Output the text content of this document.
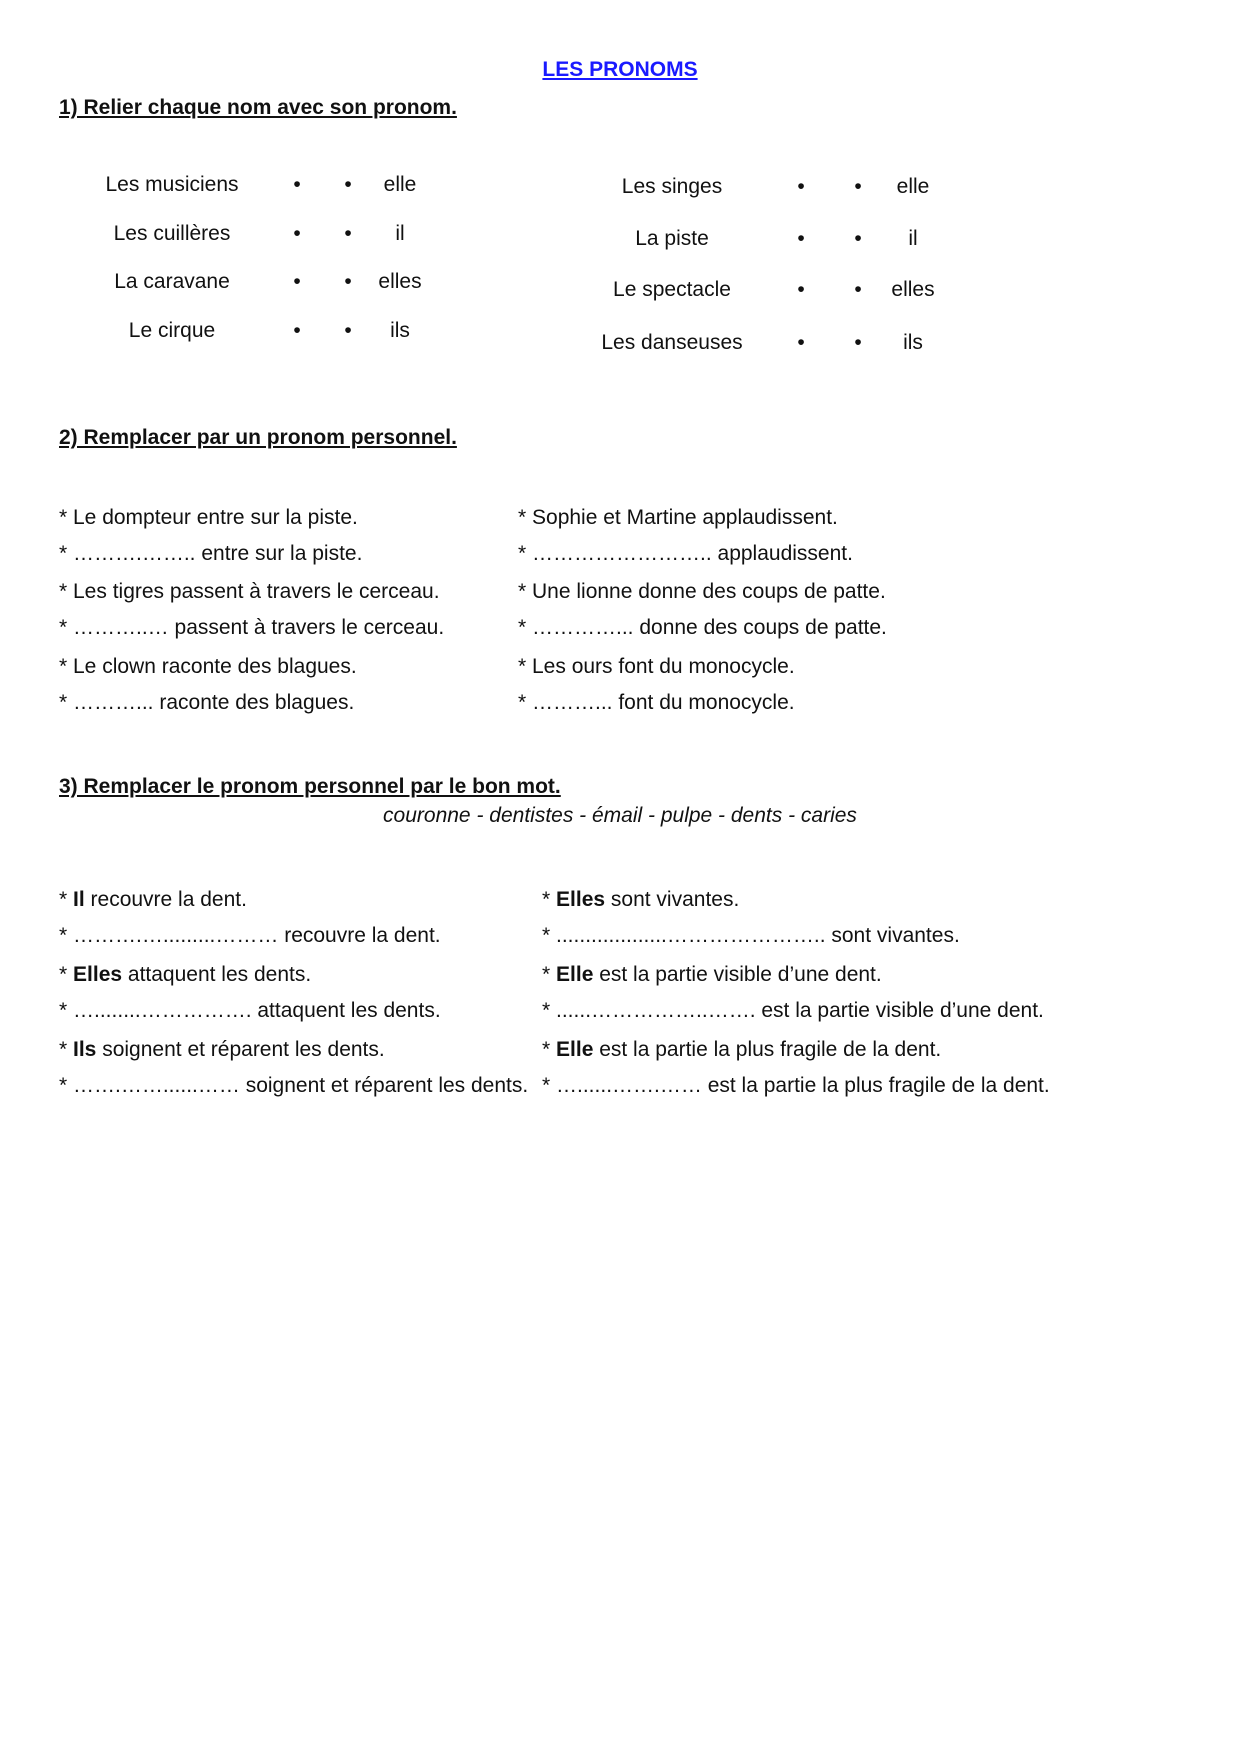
LES PRONOMS
1) Relier chaque nom avec son pronom.
Les musiciens	• •	elle
Les cuillères	• •	il
La caravane	• •	elles
Le cirque	• •	ils
Les singes	• •	elle
La piste	• •	il
Le spectacle	• •	elles
Les danseuses	• •	ils
2) Remplacer par un pronom personnel.
* Le dompteur entre sur la piste.
* ……….…….. entre sur la piste.
* Les tigres passent à travers le cerceau.
* ………..… passent à travers le cerceau.
* Le clown raconte des blagues.
* ………... raconte des blagues.
* Sophie et Martine applaudissent.
* …………………….. applaudissent.
* Une lionne donne des coups de patte.
* …………... donne des coups de patte.
* Les ours font du monocycle.
* ………... font du monocycle.
3) Remplacer le pronom personnel par le bon mot.
couronne - dentistes - émail - pulpe - dents - caries
* Il recouvre la dent.
* ……….….........……… recouvre la dent.
* Elles attaquent les dents.
* …........……………. attaquent les dents.
* Ils soignent et réparent les dents.
* …….……......…… soignent et réparent les dents.
* Elles sont vivantes.
* ...................………………….. sont vivantes.
* Elle est la partie visible d’une dent.
* ......……………..……. est la partie visible d’une dent.
* Elle est la partie la plus fragile de la dent.
* …......…….…… est la partie la plus fragile de la dent.
